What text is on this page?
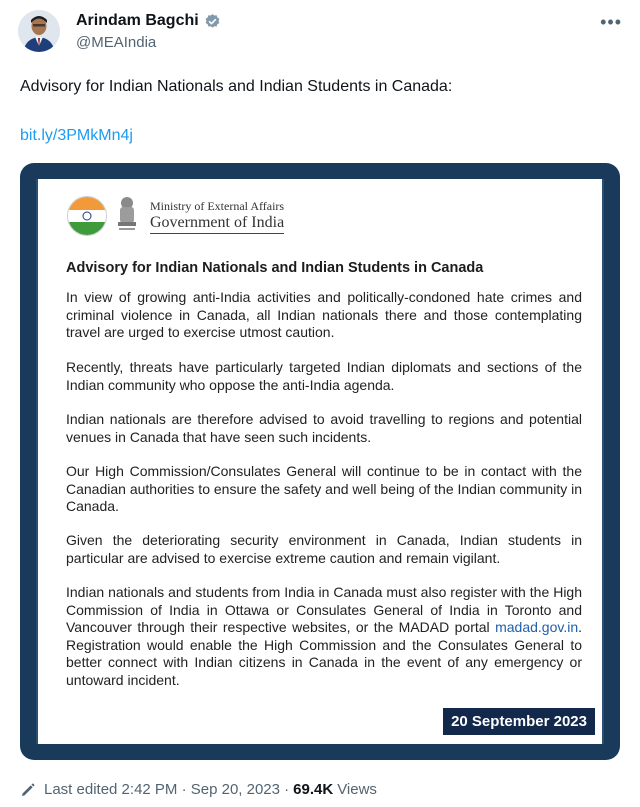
Arindam Bagchi
@MEAIndia
•••
Advisory for Indian Nationals and Indian Students in Canada:
bit.ly/3PMkMn4j
Ministry of External Affairs
Government of India
Advisory for Indian Nationals and Indian Students in Canada

In view of growing anti-India activities and politically-condoned hate crimes and criminal violence in Canada, all Indian nationals there and those contemplating travel are urged to exercise utmost caution.

Recently, threats have particularly targeted Indian diplomats and sections of the Indian community who oppose the anti-India agenda.

Indian nationals are therefore advised to avoid travelling to regions and potential venues in Canada that have seen such incidents.

Our High Commission/Consulates General will continue to be in contact with the Canadian authorities to ensure the safety and well being of the Indian community in Canada.

Given the deteriorating security environment in Canada, Indian students in particular are advised to exercise extreme caution and remain vigilant.

Indian nationals and students from India in Canada must also register with the High Commission of India in Ottawa or Consulates General of India in Toronto and Vancouver through their respective websites, or the MADAD portal madad.gov.in. Registration would enable the High Commission and the Consulates General to better connect with Indian citizens in Canada in the event of any emergency or untoward incident.

20 September 2023
Last edited 2:42 PM · Sep 20, 2023 · 69.4K Views
